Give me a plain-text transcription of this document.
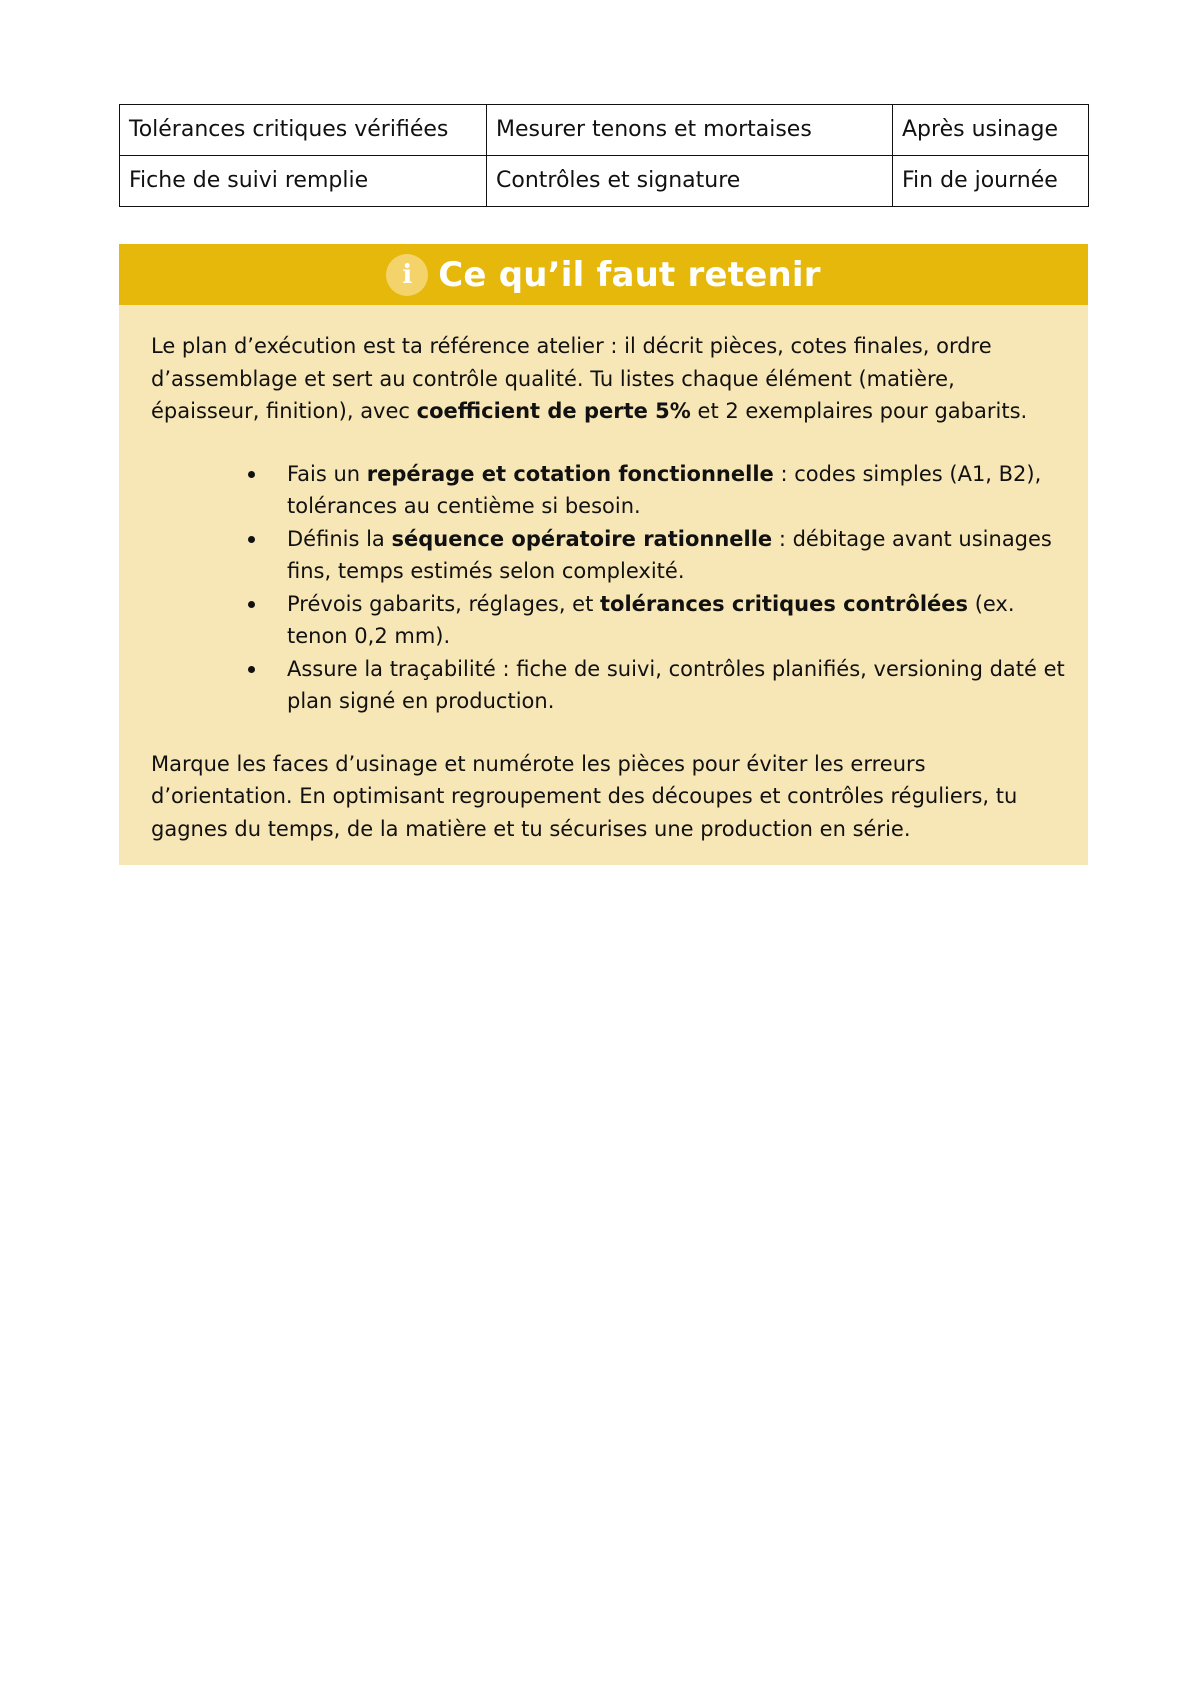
Tolérances critiques vérifiées	Mesurer tenons et mortaises	Après usinage
Fiche de suivi remplie	Contrôles et signature	Fin de journée
i Ce qu’il faut retenir

Le plan d’exécution est ta référence atelier : il décrit pièces, cotes finales, ordre d’assemblage et sert au contrôle qualité. Tu listes chaque élément (matière, épaisseur, finition), avec coefficient de perte 5% et 2 exemplaires pour gabarits.

Fais un repérage et cotation fonctionnelle : codes simples (A1, B2), tolérances au centième si besoin.
Définis la séquence opératoire rationnelle : débitage avant usinages fins, temps estimés selon complexité.
Prévois gabarits, réglages, et tolérances critiques contrôlées (ex. tenon 0,2 mm).
Assure la traçabilité : fiche de suivi, contrôles planifiés, versioning daté et plan signé en production.

Marque les faces d’usinage et numérote les pièces pour éviter les erreurs d’orientation. En optimisant regroupement des découpes et contrôles réguliers, tu gagnes du temps, de la matière et tu sécurises une production en série.
